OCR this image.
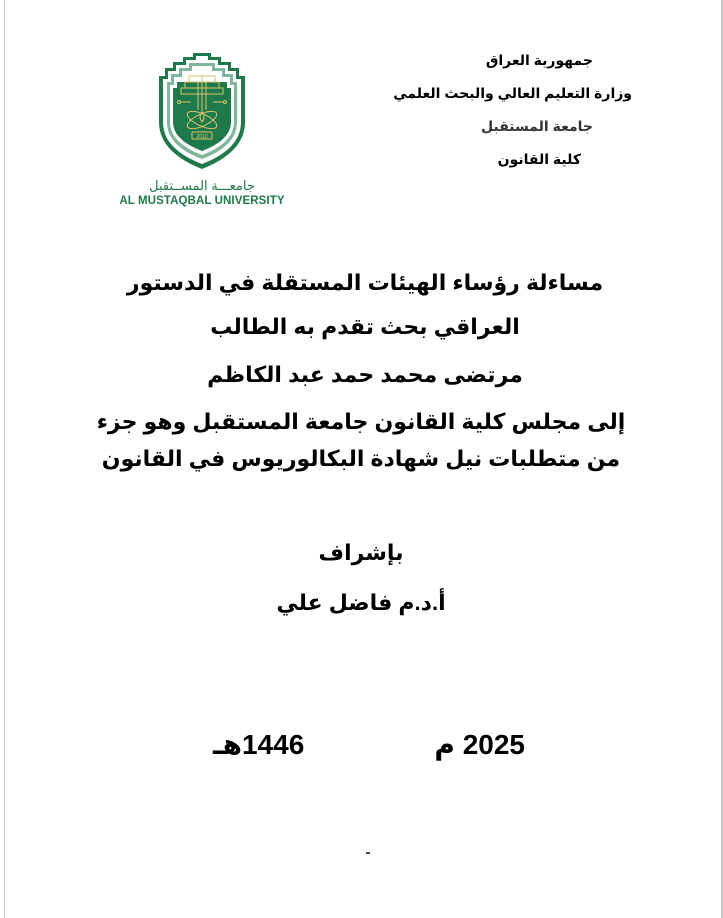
جمهورية العراق
وزارة التعليم العالي والبحث العلمي
جامعة المستقبل
كلية القانون
2010
جامعـــة المســتقبل
AL MUSTAQBAL UNIVERSITY
مساءلة رؤساء الهيئات المستقلة في الدستور
العراقي بحث تقدم به الطالب
مرتضى محمد حمد عبد الكاظم
إلى مجلس كلية القانون جامعة المستقبل وهو جزء
من متطلبات نيل شهادة البكالوريوس في القانون
بإشراف
أ.د.م فاضل علي
2025 م
1446هـ
